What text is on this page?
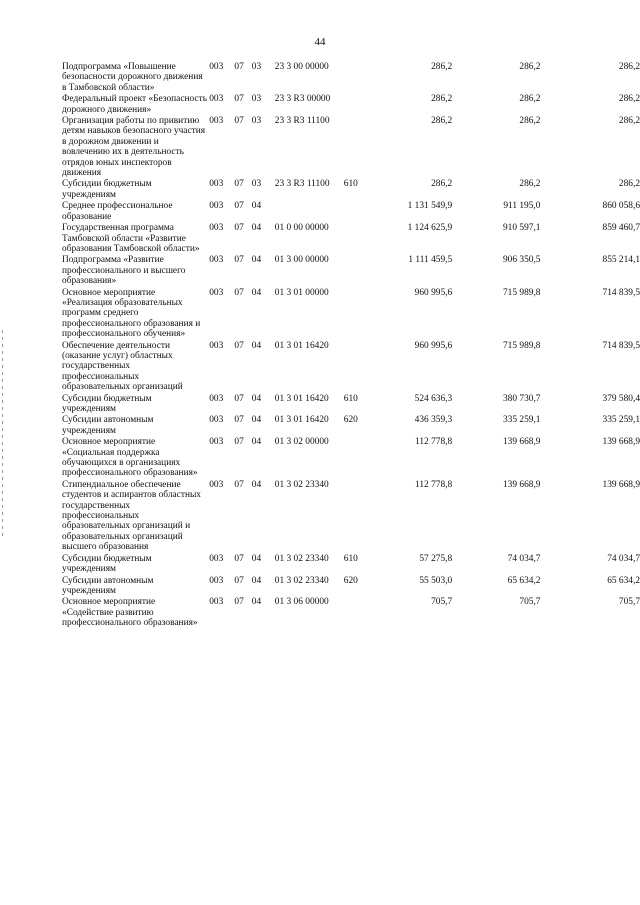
44
Подпрограмма «Повышение безопасности дорожного движения в Тамбовской области»	003	07	03	23 3 00 00000		286,2	286,2	286,2
Федеральный проект «Безопасность дорожного движения»	003	07	03	23 3 R3 00000		286,2	286,2	286,2
Организация работы по привитию детям навыков безопасного участия в дорожном движении и вовлечению их в деятельность отрядов юных инспекторов движения	003	07	03	23 3 R3 11100		286,2	286,2	286,2
Субсидии бюджетным учреждениям	003	07	03	23 3 R3 11100	610	286,2	286,2	286,2
Среднее профессиональное образование	003	07	04			1 131 549,9	911 195,0	860 058,6
Государственная программа Тамбовской области «Развитие образования Тамбовской области»	003	07	04	01 0 00 00000		1 124 625,9	910 597,1	859 460,7
Подпрограмма «Развитие профессионального и высшего образования»	003	07	04	01 3 00 00000		1 111 459,5	906 350,5	855 214,1
Основное мероприятие «Реализация образовательных программ среднего профессионального образования и профессионального обучения»	003	07	04	01 3 01 00000		960 995,6	715 989,8	714 839,5
Обеспечение деятельности (оказание услуг) областных государственных профессиональных образовательных организаций	003	07	04	01 3 01 16420		960 995,6	715 989,8	714 839,5
Субсидии бюджетным учреждениям	003	07	04	01 3 01 16420	610	524 636,3	380 730,7	379 580,4
Субсидии автономным учреждениям	003	07	04	01 3 01 16420	620	436 359,3	335 259,1	335 259,1
Основное мероприятие «Социальная поддержка обучающихся в организациях профессионального образования»	003	07	04	01 3 02 00000		112 778,8	139 668,9	139 668,9
Стипендиальное обеспечение студентов и аспирантов областных государственных профессиональных образовательных организаций и образовательных организаций высшего образования	003	07	04	01 3 02 23340		112 778,8	139 668,9	139 668,9
Субсидии бюджетным учреждениям	003	07	04	01 3 02 23340	610	57 275,8	74 034,7	74 034,7
Субсидии автономным учреждениям	003	07	04	01 3 02 23340	620	55 503,0	65 634,2	65 634,2
Основное мероприятие «Содействие развитию профессионального образования»	003	07	04	01 3 06 00000		705,7	705,7	705,7
